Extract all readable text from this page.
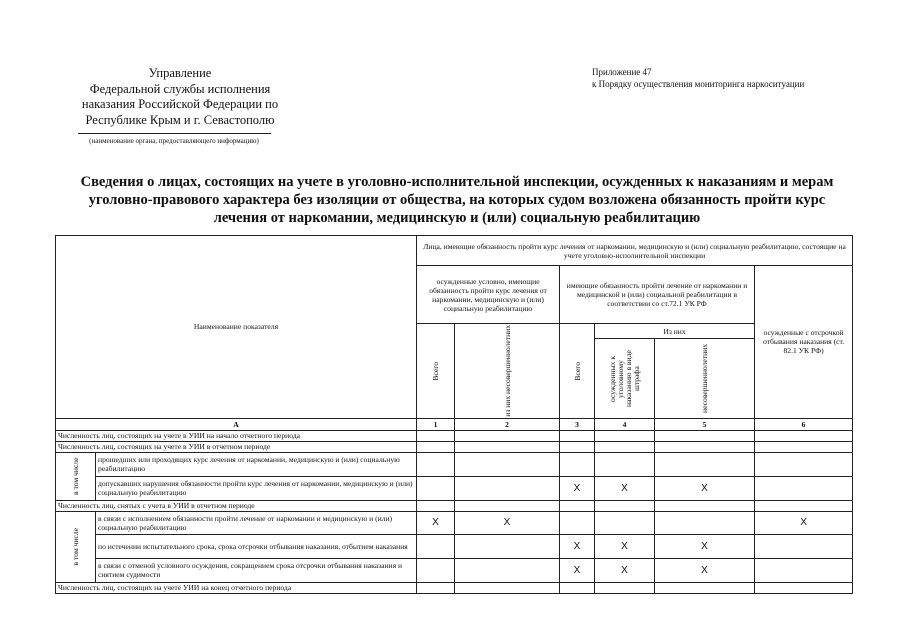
Управление
Федеральной службы исполнения
наказания Российской Федерации по
Республике Крым и г. Севастополю
(наименование органа, предоставляющего информацию)
Приложение 47
к Порядку осуществления мониторинга наркоситуации
Сведения о лицах, состоящих на учете в уголовно-исполнительной инспекции, осужденных к наказаниям и мерам уголовно-правового характера без изоляции от общества, на которых судом возложена обязанность пройти курс лечения от наркомании, медицинскую и (или) социальную реабилитацию
Наименование показателя		Лица, имеющие обязанность пройти курс лечения от наркомании, медицинскую и (или) социальную реабилитацию, состоящие на учете уголовно-исполнительной инспекции					
		осужденные условно, имеющие обязанность пройти курс лечения от наркомании, медицинскую и (или) социальную реабилитацию		имеющие обязанность пройти лечение от наркомании и медицинской и (или) социальной реабилитации в соответствии со ст.72.1 УК РФ			осужденные с отсрочкой отбывания наказания (ст. 82.1 УК РФ)

		Всего	из них несовершеннолетних	Всего	Из них		

					осужденных к уголовному наказанию в виде штрафа	несовершеннолетних	

A		1	2	3	4	5	6
Численность лиц, состоящих на учете в УИИ на начало отчетного периода							
Численность лиц, состоящих на учете в УИИ в отчетном периоде							

в том числе	прошедших или проходящих курс лечения от наркомании, медицинскую и (или) социальную реабилитацию						
	допускавших нарушения обязанности пройти курс лечения от наркомании, медицинскую и (или) социальную реабилитацию			X	X	X	
Численность лиц, снятых с учета в УИИ в отчетном периоде							

в том числе	в связи с исполнением обязанности пройти лечение от наркомании и медицинскую и (или) социальную реабилитацию	X	X				X
	по истечении испытательного срока, срока отсрочки отбывания наказания, отбытием наказания			X	X	X	
	в связи с отменой условного осуждения, сокращением срока отсрочки отбывания наказания и снятием судимости			X	X	X	
Численность лиц, состоящих на учете УИИ на конец отчетного периода							
